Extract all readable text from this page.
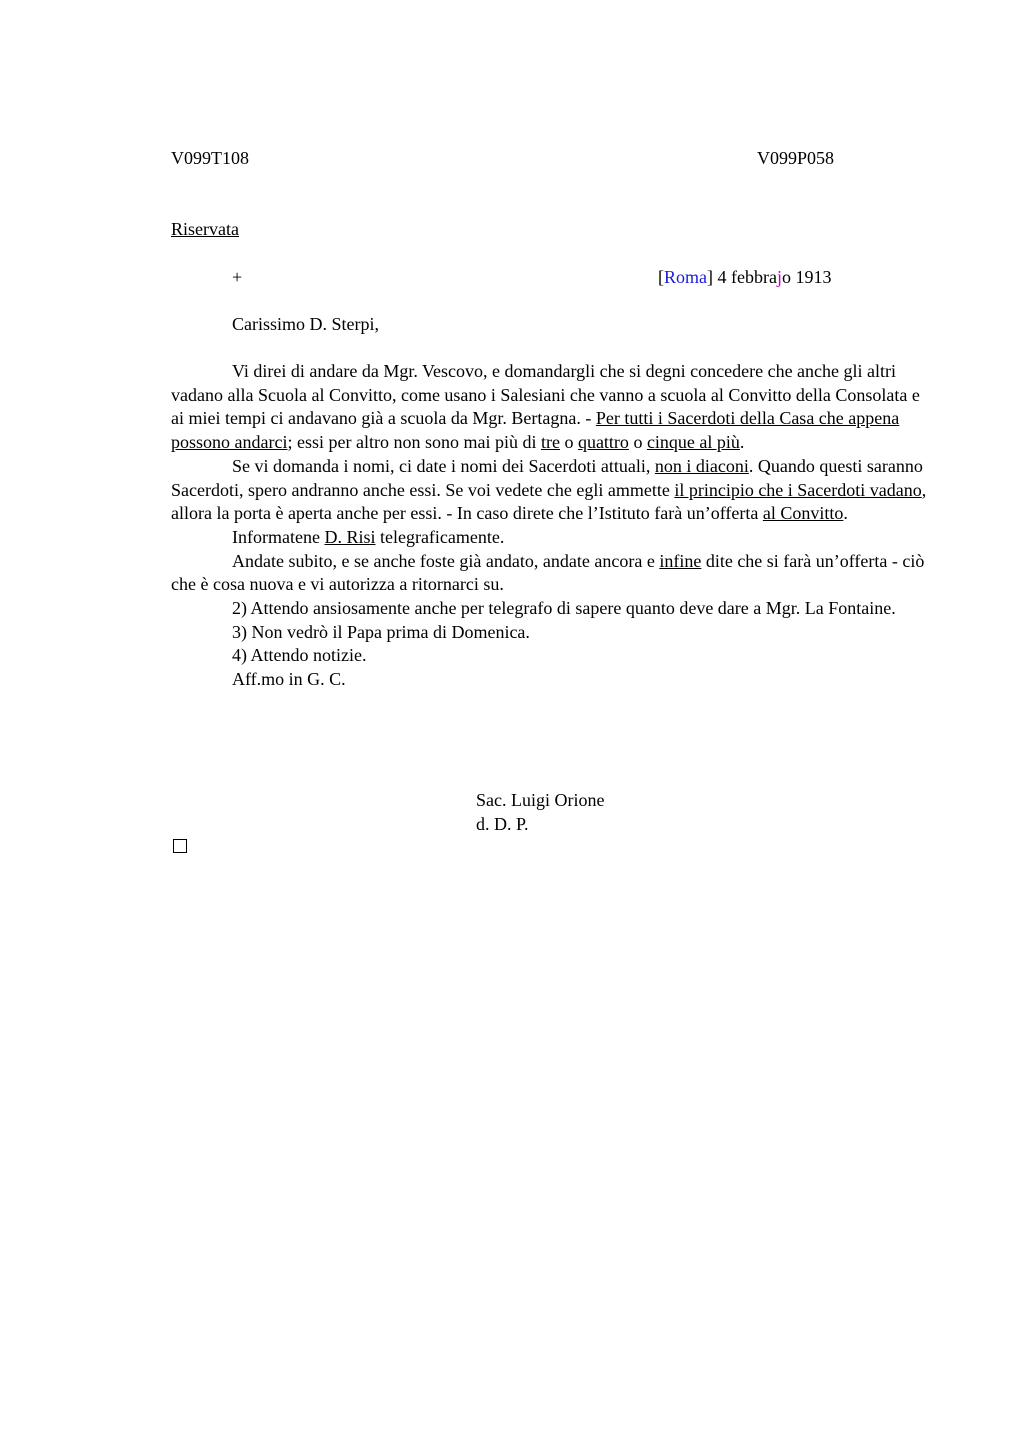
V099T108	V099P058
Riservata
+	[Roma] 4 febbrajo 1913
Carissimo D. Sterpi,

Vi direi di andare da Mgr. Vescovo, e domandargli che si degni concedere che anche gli altri vadano alla Scuola al Convitto, come usano i Salesiani che vanno a scuola al Convitto della Consolata e ai miei tempi ci andavano già a scuola da Mgr. Bertagna. - Per tutti i Sacerdoti della Casa che appena possono andarci; essi per altro non sono mai più di tre o quattro o cinque al più.

Se vi domanda i nomi, ci date i nomi dei Sacerdoti attuali, non i diaconi. Quando questi saranno Sacerdoti, spero andranno anche essi. Se voi vedete che egli ammette il principio che i Sacerdoti vadano, allora la porta è aperta anche per essi. - In caso direte che l’Istituto farà un’offerta al Convitto.

Informatene D. Risi telegraficamente.

Andate subito, e se anche foste già andato, andate ancora e infine dite che si farà un’offerta - ciò che è cosa nuova e vi autorizza a ritornarci su.

2) Attendo ansiosamente anche per telegrafo di sapere quanto deve dare a Mgr. La Fontaine.

3) Non vedrò il Papa prima di Domenica.

4) Attendo notizie.

Aff.mo in G. C.

Sac. Luigi Orione
d. D. P.
